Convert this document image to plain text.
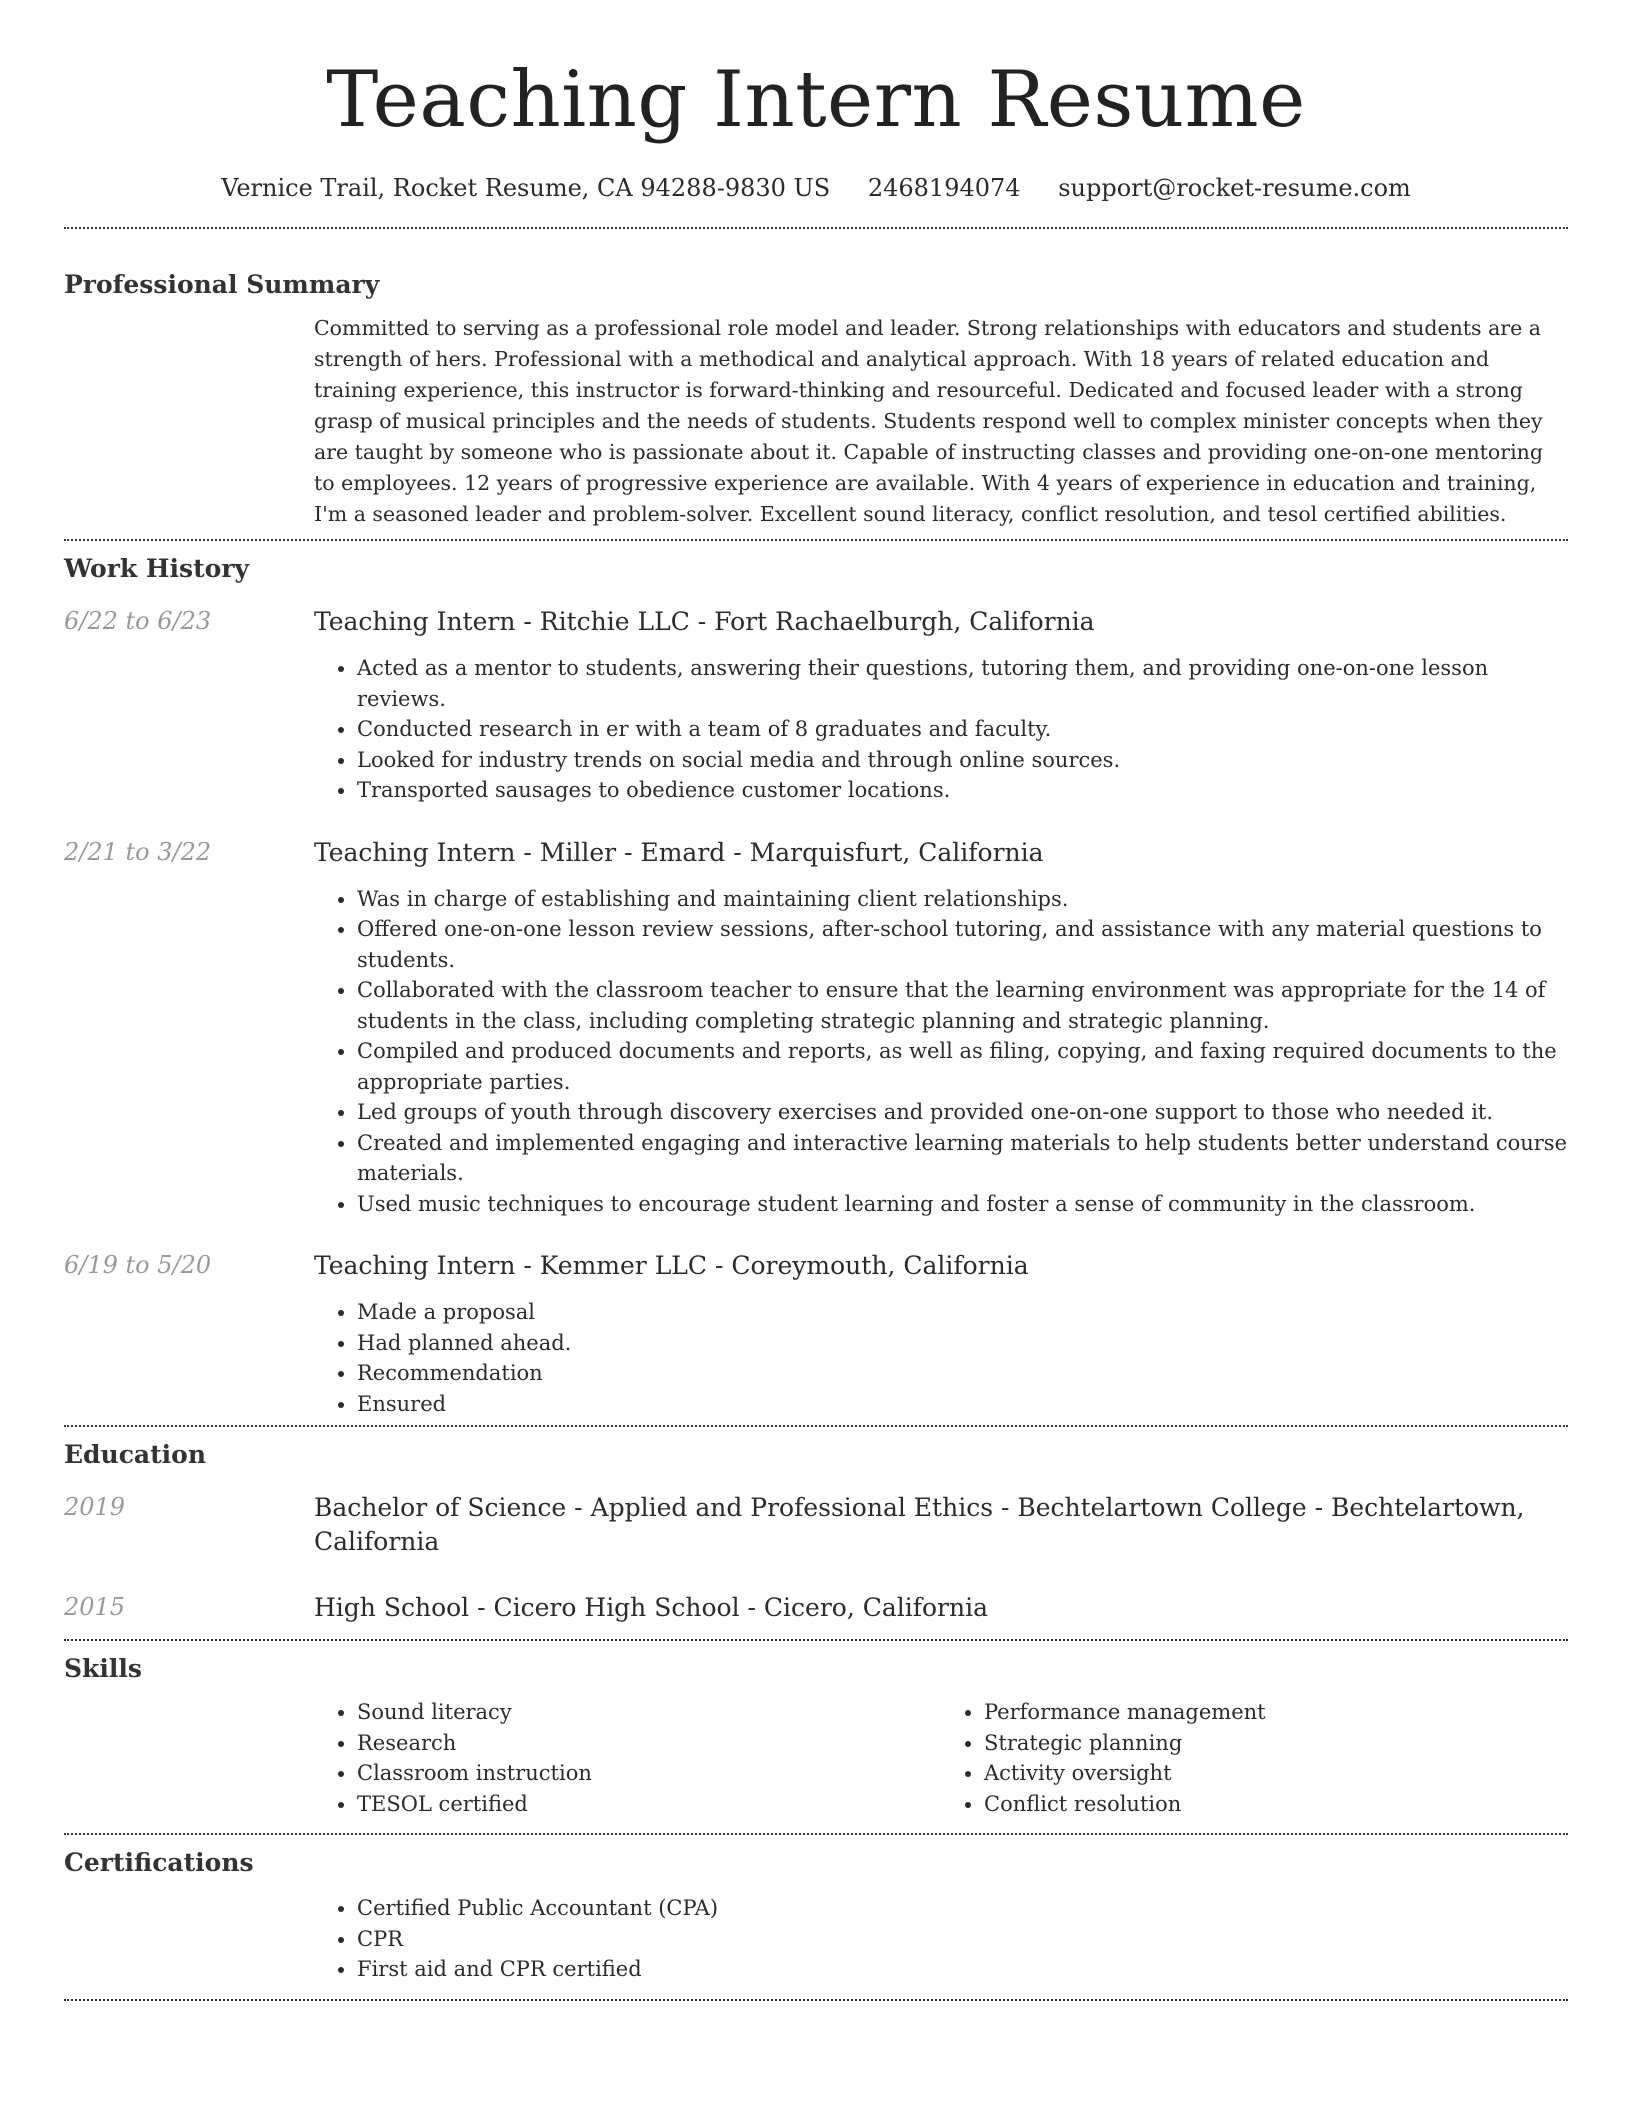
Teaching Intern Resume
Vernice Trail, Rocket Resume, CA 94288-9830 US 2468194074 support@rocket-resume.com
Professional Summary

Committed to serving as a professional role model and leader. Strong relationships with educators and students are a strength of hers. Professional with a methodical and analytical approach. With 18 years of related education and training experience, this instructor is forward-thinking and resourceful. Dedicated and focused leader with a strong grasp of musical principles and the needs of students. Students respond well to complex minister concepts when they are taught by someone who is passionate about it. Capable of instructing classes and providing one-on-one mentoring to employees. 12 years of progressive experience are available. With 4 years of experience in education and training, I'm a seasoned leader and problem-solver. Excellent sound literacy, conflict resolution, and tesol certified abilities.

Work History
6/22 to 6/23	Teaching Intern - Ritchie LLC - Fort Rachaelburgh, California
• Acted as a mentor to students, answering their questions, tutoring them, and providing one-on-one lesson reviews.
• Conducted research in er with a team of 8 graduates and faculty.
• Looked for industry trends on social media and through online sources.
• Transported sausages to obedience customer locations.
2/21 to 3/22	Teaching Intern - Miller - Emard - Marquisfurt, California
• Was in charge of establishing and maintaining client relationships.
• Offered one-on-one lesson review sessions, after-school tutoring, and assistance with any material questions to students.
• Collaborated with the classroom teacher to ensure that the learning environment was appropriate for the 14 of students in the class, including completing strategic planning and strategic planning.
• Compiled and produced documents and reports, as well as filing, copying, and faxing required documents to the appropriate parties.
• Led groups of youth through discovery exercises and provided one-on-one support to those who needed it.
• Created and implemented engaging and interactive learning materials to help students better understand course materials.
• Used music techniques to encourage student learning and foster a sense of community in the classroom.
6/19 to 5/20	Teaching Intern - Kemmer LLC - Coreymouth, California
• Made a proposal
• Had planned ahead.
• Recommendation
• Ensured
Education
2019	Bachelor of Science - Applied and Professional Ethics - Bechtelartown College - Bechtelartown, California
2015	High School - Cicero High School - Cicero, California
Skills
• Sound literacy
• Research
• Classroom instruction
• TESOL certified
• Performance management
• Strategic planning
• Activity oversight
• Conflict resolution
Certifications
• Certified Public Accountant (CPA)
• CPR
• First aid and CPR certified
